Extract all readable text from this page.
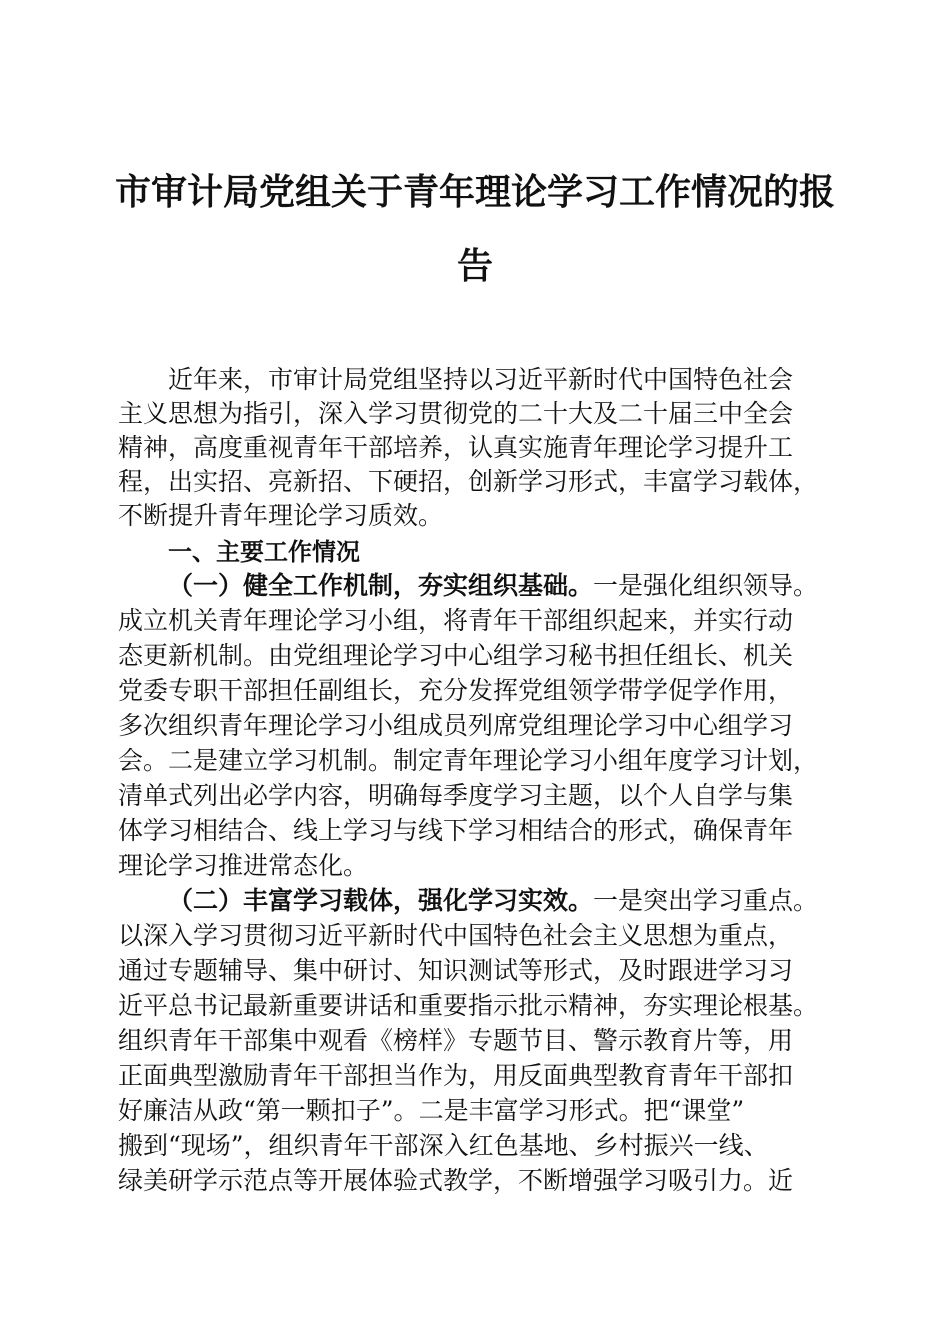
市审计局党组关于青年理论学习工作情况的报
告
近年来，市审计局党组坚持以习近平新时代中国特色社会
主义思想为指引，深入学习贯彻党的二十大及二十届三中全会
精神，高度重视青年干部培养，认真实施青年理论学习提升工
程，出实招、亮新招、下硬招，创新学习形式，丰富学习载体，
不断提升青年理论学习质效。
一、主要工作情况
（一）健全工作机制，夯实组织基础。一是强化组织领导。
成立机关青年理论学习小组，将青年干部组织起来，并实行动
态更新机制。由党组理论学习中心组学习秘书担任组长、机关
党委专职干部担任副组长，充分发挥党组领学带学促学作用，
多次组织青年理论学习小组成员列席党组理论学习中心组学习
会。二是建立学习机制。制定青年理论学习小组年度学习计划，
清单式列出必学内容，明确每季度学习主题，以个人自学与集
体学习相结合、线上学习与线下学习相结合的形式，确保青年
理论学习推进常态化。
（二）丰富学习载体，强化学习实效。一是突出学习重点。
以深入学习贯彻习近平新时代中国特色社会主义思想为重点，
通过专题辅导、集中研讨、知识测试等形式，及时跟进学习习
近平总书记最新重要讲话和重要指示批示精神，夯实理论根基。
组织青年干部集中观看《榜样》专题节目、警示教育片等，用
正面典型激励青年干部担当作为，用反面典型教育青年干部扣
好廉洁从政“第一颗扣子”。二是丰富学习形式。把“课堂”
搬到“现场”，组织青年干部深入红色基地、乡村振兴一线、
绿美研学示范点等开展体验式教学，不断增强学习吸引力。近
